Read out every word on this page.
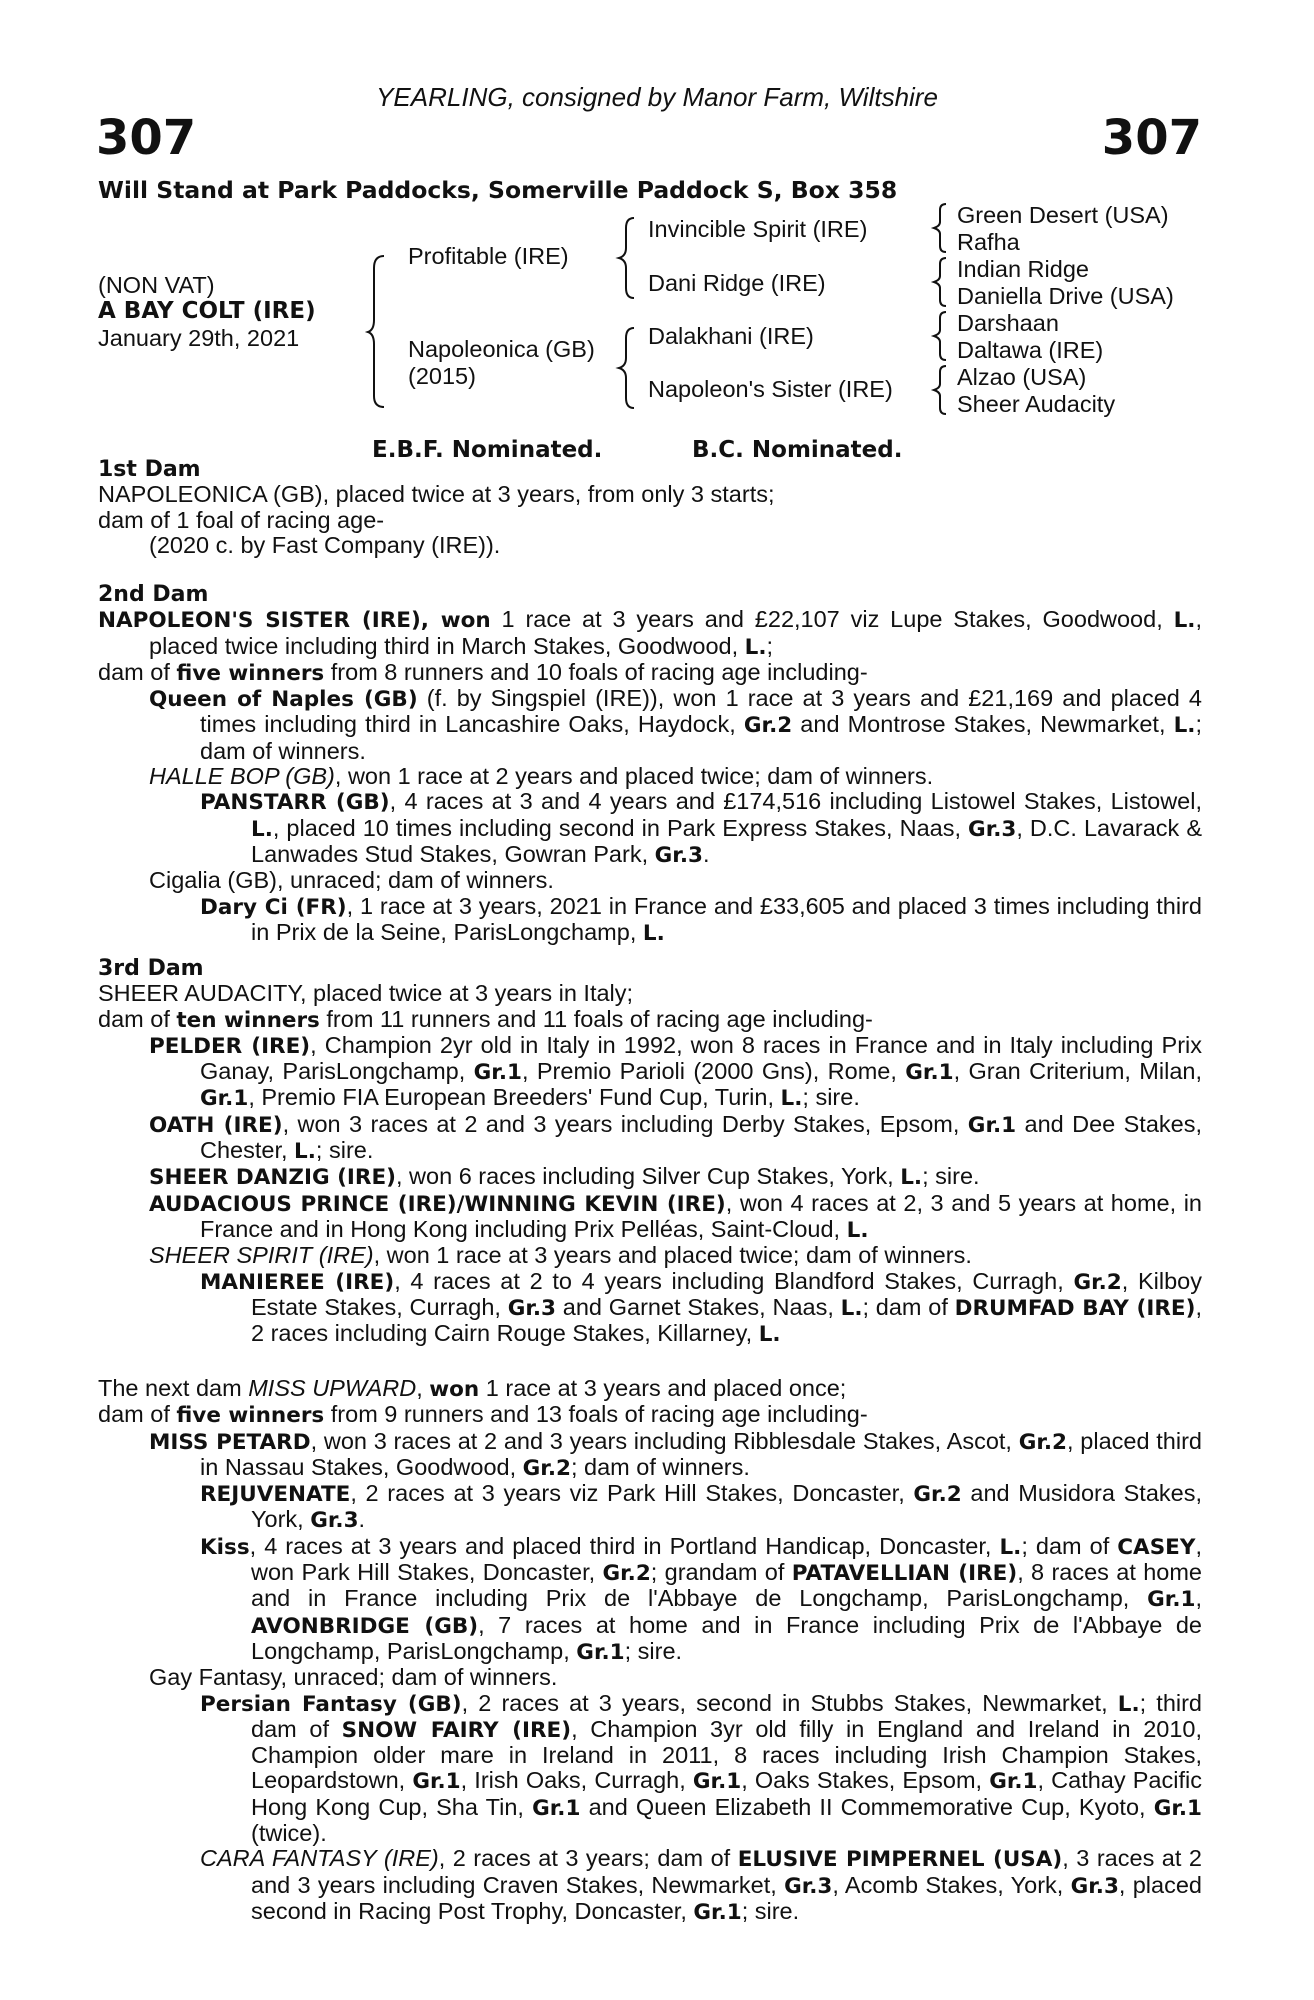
YEARLING, consigned by Manor Farm, Wiltshire
307	307
Will Stand at Park Paddocks, Somerville Paddock S, Box 358
(NON VAT)
A BAY COLT (IRE)
January 29th, 2021
Profitable (IRE)
Napoleonica (GB)
(2015)
Invincible Spirit (IRE)
Dani Ridge (IRE)
Dalakhani (IRE)
Napoleon's Sister (IRE)
Green Desert (USA)
Rafha
Indian Ridge
Daniella Drive (USA)
Darshaan
Daltawa (IRE)
Alzao (USA)
Sheer Audacity
E.B.F. Nominated.	B.C. Nominated.

1st Dam

NAPOLEONICA (GB), placed twice at 3 years, from only 3 starts;

dam of 1 foal of racing age-

(2020 c. by Fast Company (IRE)).

2nd Dam

NAPOLEON'S SISTER (IRE), won 1 race at 3 years and £22,107 viz Lupe Stakes, Goodwood, L., placed twice including third in March Stakes, Goodwood, L.;

dam of five winners from 8 runners and 10 foals of racing age including-

Queen of Naples (GB) (f. by Singspiel (IRE)), won 1 race at 3 years and £21,169 and placed 4 times including third in Lancashire Oaks, Haydock, Gr.2 and Montrose Stakes, Newmarket, L.; dam of winners.

HALLE BOP (GB), won 1 race at 2 years and placed twice; dam of winners.

PANSTARR (GB), 4 races at 3 and 4 years and £174,516 including Listowel Stakes, Listowel, L., placed 10 times including second in Park Express Stakes, Naas, Gr.3, D.C. Lavarack & Lanwades Stud Stakes, Gowran Park, Gr.3.

Cigalia (GB), unraced; dam of winners.

Dary Ci (FR), 1 race at 3 years, 2021 in France and £33,605 and placed 3 times including third in Prix de la Seine, ParisLongchamp, L.

3rd Dam

SHEER AUDACITY, placed twice at 3 years in Italy;

dam of ten winners from 11 runners and 11 foals of racing age including-

PELDER (IRE), Champion 2yr old in Italy in 1992, won 8 races in France and in Italy including Prix Ganay, ParisLongchamp, Gr.1, Premio Parioli (2000 Gns), Rome, Gr.1, Gran Criterium, Milan, Gr.1, Premio FIA European Breeders' Fund Cup, Turin, L.; sire.

OATH (IRE), won 3 races at 2 and 3 years including Derby Stakes, Epsom, Gr.1 and Dee Stakes, Chester, L.; sire.

SHEER DANZIG (IRE), won 6 races including Silver Cup Stakes, York, L.; sire.

AUDACIOUS PRINCE (IRE)/WINNING KEVIN (IRE), won 4 races at 2, 3 and 5 years at home, in France and in Hong Kong including Prix Pelléas, Saint-Cloud, L.

SHEER SPIRIT (IRE), won 1 race at 3 years and placed twice; dam of winners.

MANIEREE (IRE), 4 races at 2 to 4 years including Blandford Stakes, Curragh, Gr.2, Kilboy Estate Stakes, Curragh, Gr.3 and Garnet Stakes, Naas, L.; dam of DRUMFAD BAY (IRE), 2 races including Cairn Rouge Stakes, Killarney, L.

The next dam MISS UPWARD, won 1 race at 3 years and placed once;

dam of five winners from 9 runners and 13 foals of racing age including-

MISS PETARD, won 3 races at 2 and 3 years including Ribblesdale Stakes, Ascot, Gr.2, placed third in Nassau Stakes, Goodwood, Gr.2; dam of winners.

REJUVENATE, 2 races at 3 years viz Park Hill Stakes, Doncaster, Gr.2 and Musidora Stakes, York, Gr.3.

Kiss, 4 races at 3 years and placed third in Portland Handicap, Doncaster, L.; dam of CASEY, won Park Hill Stakes, Doncaster, Gr.2; grandam of PATAVELLIAN (IRE), 8 races at home and in France including Prix de l'Abbaye de Longchamp, ParisLongchamp, Gr.1, AVONBRIDGE (GB), 7 races at home and in France including Prix de l'Abbaye de Longchamp, ParisLongchamp, Gr.1; sire.

Gay Fantasy, unraced; dam of winners.

Persian Fantasy (GB), 2 races at 3 years, second in Stubbs Stakes, Newmarket, L.; third dam of SNOW FAIRY (IRE), Champion 3yr old filly in England and Ireland in 2010, Champion older mare in Ireland in 2011, 8 races including Irish Champion Stakes, Leopardstown, Gr.1, Irish Oaks, Curragh, Gr.1, Oaks Stakes, Epsom, Gr.1, Cathay Pacific Hong Kong Cup, Sha Tin, Gr.1 and Queen Elizabeth II Commemorative Cup, Kyoto, Gr.1 (twice).

CARA FANTASY (IRE), 2 races at 3 years; dam of ELUSIVE PIMPERNEL (USA), 3 races at 2 and 3 years including Craven Stakes, Newmarket, Gr.3, Acomb Stakes, York, Gr.3, placed second in Racing Post Trophy, Doncaster, Gr.1; sire.
